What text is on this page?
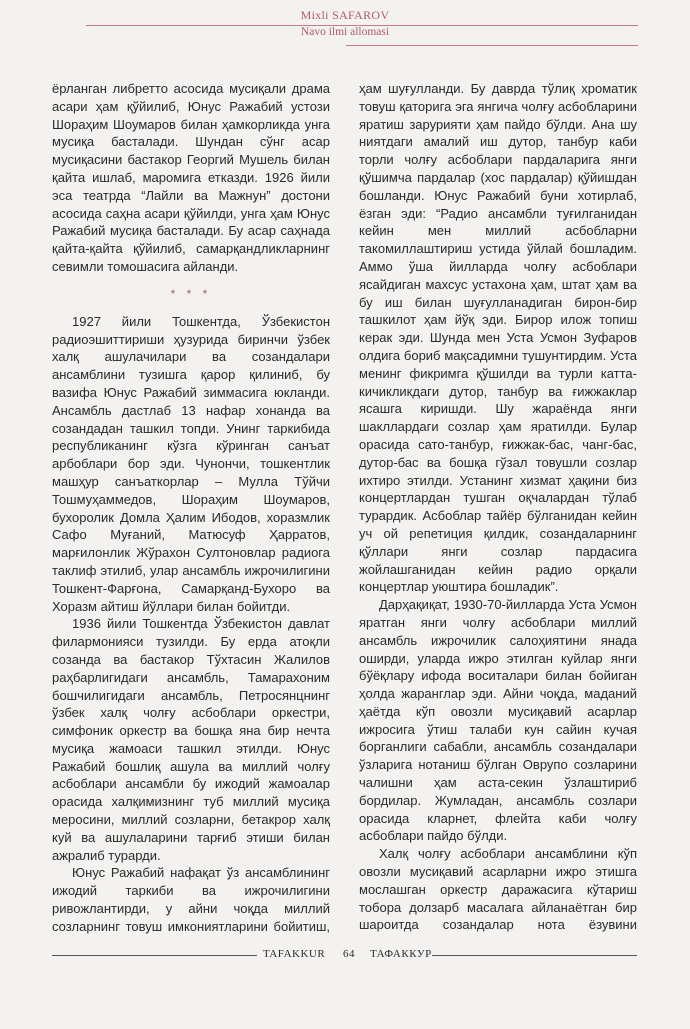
Mixli SAFAROV
Navo ilmi allomasi

ёрланган либретто асосида мусиқали драма асари ҳам қўйилиб, Юнус Ражабий устози Шораҳим Шоумаров билан ҳамкорликда унга мусиқа басталади. Шундан сўнг асар мусиқасини бастакор Георгий Мушель билан қайта ишлаб, маромига етказди. 1926 йили эса театрда “Лайли ва Мажнун” достони асосида саҳна асари қўйилди, унга ҳам Юнус Ражабий мусиқа басталади. Бу асар саҳнада қайта-қайта қўйилиб, самарқандликларнинг севимли томошасига айланди.

* * *

1927 йили Тошкентда, Ўзбекистон радиоэшиттириши ҳузурида биринчи ўзбек халқ ашулачилари ва созандалари ансамблини тузишга қарор қилиниб, бу вазифа Юнус Ражабий зиммасига юкланди. Ансамбль дастлаб 13 нафар хонанда ва созандадан ташкил топди. Унинг таркибида республиканинг кўзга кўринган санъат арбоблари бор эди. Чунончи, тошкентлик машҳур санъаткорлар – Мулла Тўйчи Тошмуҳаммедов, Шораҳим Шоумаров, бухоролик Домла Ҳалим Ибодов, хоразмлик Сафо Муғаний, Матюсуф Ҳарратов, марғилонлик Жўрахон Султоновлар радиога таклиф этилиб, улар ансамбль ижрочилигини Тошкент-Фарғона, Самарқанд-Бухоро ва Хоразм айтиш йўллари билан бойитди.

1936 йили Тошкентда Ўзбекистон давлат филармонияси тузилди. Бу ерда атоқли созанда ва бастакор Тўхтасин Жалилов раҳбарлигидаги ансамбль, Тамарахоним бошчилигидаги ансамбль, Петросянцнинг ўзбек халқ чолғу асбоблари оркестри, симфоник оркестр ва бошқа яна бир нечта мусиқа жамоаси ташкил этилди. Юнус Ражабий бошлиқ ашула ва миллий чолғу асбоблари ансамбли бу ижодий жамоалар орасида халқимизнинг туб миллий мусиқа меросини, миллий созларни, бетакрор халқ куй ва ашулаларини тарғиб этиши билан ажралиб турарди.

Юнус Ражабий нафақат ўз ансамблининг ижодий таркиби ва ижрочилигини ривожлантирди, у айни чоқда миллий созларнинг товуш имкониятларини бойитиш,

ҳам шуғулланди. Бу даврда тўлиқ хроматик товуш қаторига эга янгича чолғу асбобларини яратиш зарурияти ҳам пайдо бўлди. Ана шу ниятдаги амалий иш дутор, танбур каби торли чолғу асбоблари пардаларига янги қўшимча пардалар (хос пардалар) қўйишдан бошланди. Юнус Ражабий буни хотирлаб, ёзган эди: “Радио ансамбли туғилганидан кейин мен миллий асбобларни такомиллаштириш устида ўйлай бошладим. Аммо ўша йилларда чолғу асбоблари ясайдиган махсус устахона ҳам, штат ҳам ва бу иш билан шуғулланадиган бирон-бир ташкилот ҳам йўқ эди. Бирор илож топиш керак эди. Шунда мен Уста Усмон Зуфаров олдига бориб мақсадимни тушунтирдим. Уста менинг фикримга қўшилди ва турли катта-кичикликдаги дутор, танбур ва ғижжаклар ясашга киришди. Шу жараёнда янги шакллардаги созлар ҳам яратилди. Булар орасида сато-танбур, ғижжак-бас, чанг-бас, дутор-бас ва бошқа гўзал товушли созлар ихтиро этилди. Устанинг хизмат ҳақини биз концертлардан тушган оқчалардан тўлаб турардик. Асбоблар тайёр бўлганидан кейин уч ой репетиция қилдик, созандаларнинг қўллари янги созлар пардасига жойлашганидан кейин радио орқали концертлар уюштира бошладик”.

Дарҳақиқат, 1930-70-йилларда Уста Усмон яратган янги чолғу асбоблари миллий ансамбль ижрочилик салоҳиятини янада оширди, уларда ижро этилган куйлар янги бўёқлару ифода воситалари билан бойиган ҳолда жаранглар эди. Айни чоқда, маданий ҳаётда кўп овозли мусиқавий асарлар ижросига ўтиш талаби кун сайин кучая борганлиги сабабли, ансамбль созандалари ўзларига нотаниш бўлган Оврупо созларини чалишни ҳам аста-секин ўзлаштириб бордилар. Жумладан, ансамбль созлари орасида кларнет, флейта каби чолғу асбоблари пайдо бўлди.

Халқ чолғу асбоблари ансамблини кўп овозли мусиқавий асарларни ижро этишга мослашган оркестр даражасига кўтариш тобора долзарб масалага айланаётган бир шароитда созандалар нота ёзувини

TAFAKKUR 64 ТАФАККУР
